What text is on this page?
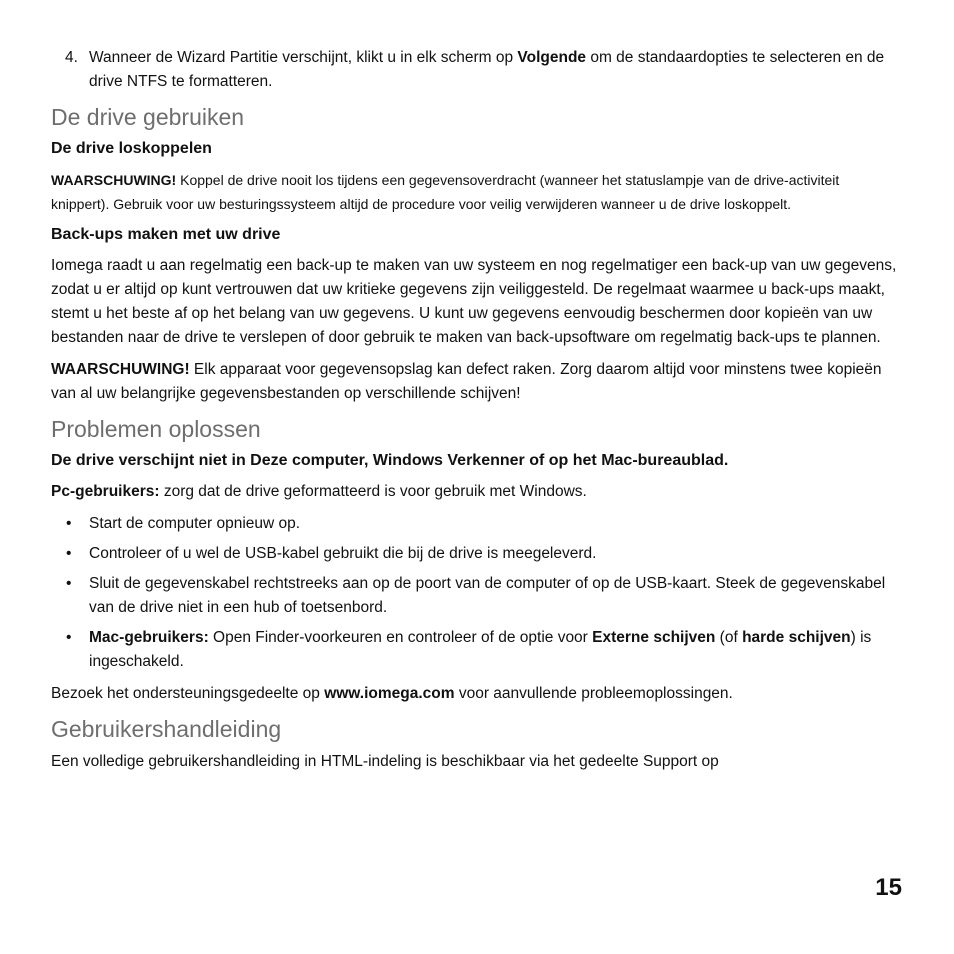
4. Wanneer de Wizard Partitie verschijnt, klikt u in elk scherm op Volgende om de standaardopties te selecteren en de drive NTFS te formatteren.

De drive gebruiken
De drive loskoppelen

WAARSCHUWING! Koppel de drive nooit los tijdens een gegevensoverdracht (wanneer het statuslampje van de drive-activiteit knippert). Gebruik voor uw besturingssysteem altijd de procedure voor veilig verwijderen wanneer u de drive loskoppelt.

Back-ups maken met uw drive

Iomega raadt u aan regelmatig een back-up te maken van uw systeem en nog regelmatiger een back-up van uw gegevens, zodat u er altijd op kunt vertrouwen dat uw kritieke gegevens zijn veiliggesteld. De regelmaat waarmee u back-ups maakt, stemt u het beste af op het belang van uw gegevens. U kunt uw gegevens eenvoudig beschermen door kopieën van uw bestanden naar de drive te verslepen of door gebruik te maken van back-upsoftware om regelmatig back-ups te plannen.

WAARSCHUWING! Elk apparaat voor gegevensopslag kan defect raken. Zorg daarom altijd voor minstens twee kopieën van al uw belangrijke gegevensbestanden op verschillende schijven!

Problemen oplossen
De drive verschijnt niet in Deze computer, Windows Verkenner of op het Mac-bureaublad.

Pc-gebruikers: zorg dat de drive geformatteerd is voor gebruik met Windows.

• Start de computer opnieuw op.
• Controleer of u wel de USB-kabel gebruikt die bij de drive is meegeleverd.
• Sluit de gegevenskabel rechtstreeks aan op de poort van de computer of op de USB-kaart. Steek de gegevenskabel van de drive niet in een hub of toetsenbord.
• Mac-gebruikers: Open Finder-voorkeuren en controleer of de optie voor Externe schijven (of harde schijven) is ingeschakeld.

Bezoek het ondersteuningsgedeelte op www.iomega.com voor aanvullende probleemoplossingen.

Gebruikershandleiding

Een volledige gebruikershandleiding in HTML-indeling is beschikbaar via het gedeelte Support op

15
